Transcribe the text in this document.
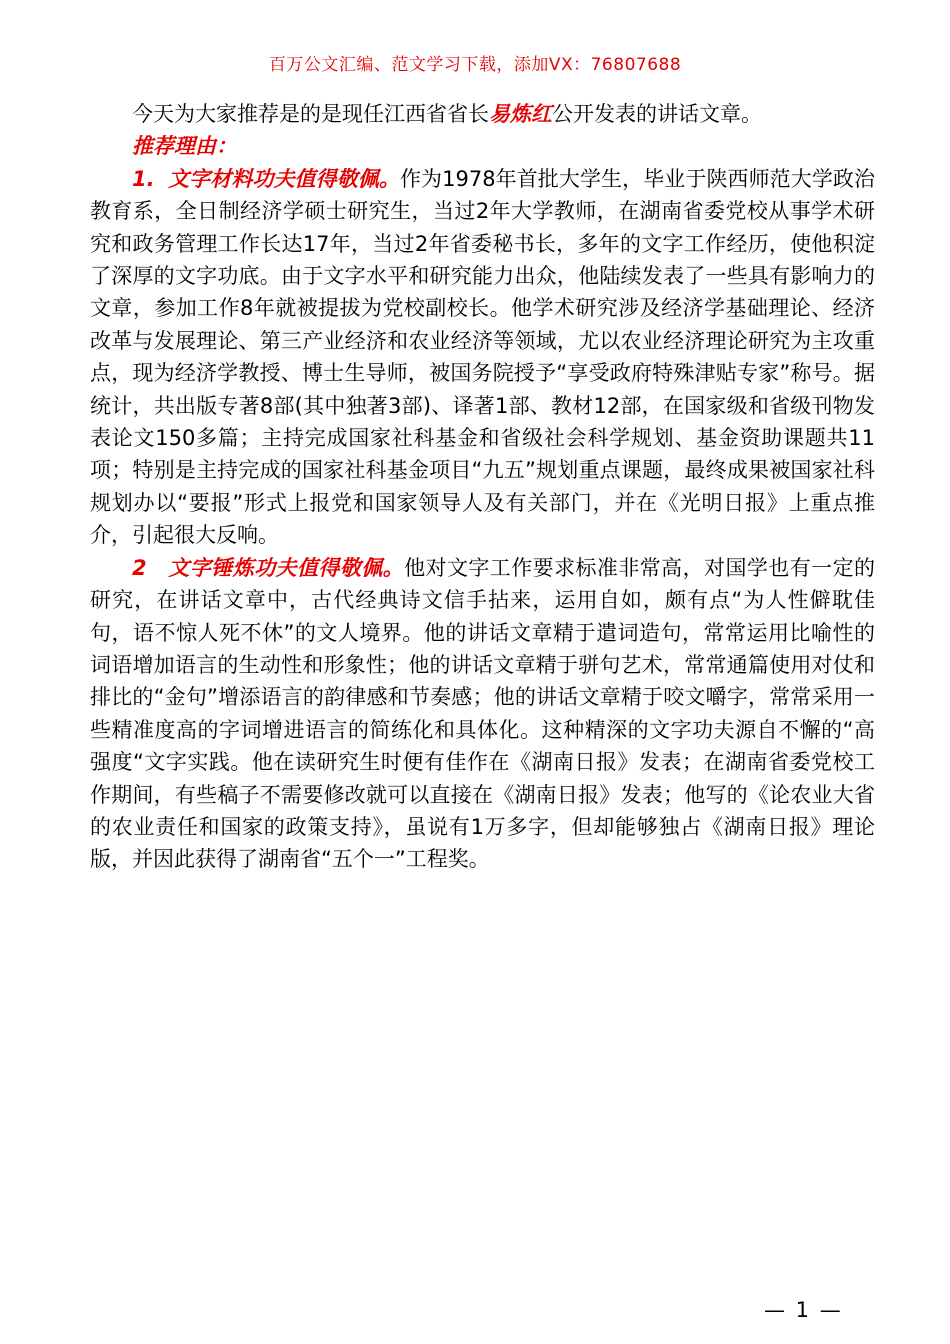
百万公文汇编、范文学习下载，添加VX：76807688

今天为大家推荐是的是现任江西省省长易炼红公开发表的讲话文章。

推荐理由：

1. 文字材料功夫值得敬佩。作为1978年首批大学生，毕业于陕西师范大学政治教育系，全日制经济学硕士研究生，当过2年大学教师，在湖南省委党校从事学术研究和政务管理工作长达17年，当过2年省委秘书长，多年的文字工作经历，使他积淀了深厚的文字功底。由于文字水平和研究能力出众，他陆续发表了一些具有影响力的文章，参加工作8年就被提拔为党校副校长。他学术研究涉及经济学基础理论、经济改革与发展理论、第三产业经济和农业经济等领域，尤以农业经济理论研究为主攻重点，现为经济学教授、博士生导师，被国务院授予“享受政府特殊津贴专家”称号。据统计，共出版专著8部(其中独著3部)、译著1部、教材12部，在国家级和省级刊物发表论文150多篇；主持完成国家社科基金和省级社会科学规划、基金资助课题共11项；特别是主持完成的国家社科基金项目“九五”规划重点课题，最终成果被国家社科规划办以“要报”形式上报党和国家领导人及有关部门，并在《光明日报》上重点推介，引起很大反响。

2 文字锤炼功夫值得敬佩。他对文字工作要求标准非常高，对国学也有一定的研究，在讲话文章中，古代经典诗文信手拈来，运用自如，颇有点“为人性僻耽佳句，语不惊人死不休”的文人境界。他的讲话文章精于遣词造句，常常运用比喻性的词语增加语言的生动性和形象性；他的讲话文章精于骈句艺术，常常通篇使用对仗和排比的“金句”增添语言的韵律感和节奏感；他的讲话文章精于咬文嚼字，常常采用一些精准度高的字词增进语言的简练化和具体化。这种精深的文字功夫源自不懈的“高强度“文字实践。他在读研究生时便有佳作在《湖南日报》发表；在湖南省委党校工作期间，有些稿子不需要修改就可以直接在《湖南日报》发表；他写的《论农业大省的农业责任和国家的政策支持》，虽说有1万多字，但却能够独占《湖南日报》理论版，并因此获得了湖南省“五个一”工程奖。

— 1 —
